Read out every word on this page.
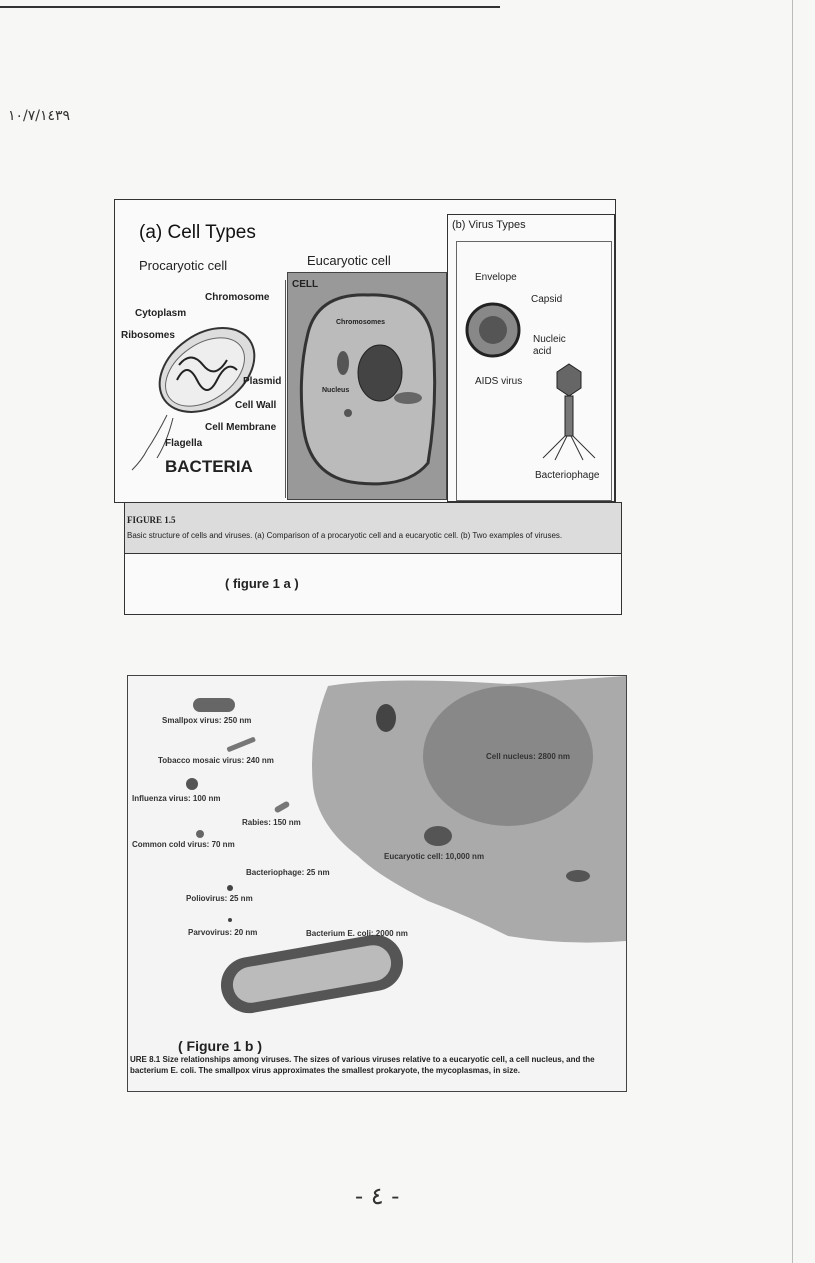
١٠/٧/١٤٣٩
(a) Cell Types
Procaryotic cell	Eucaryotic cell
Chromosome
Cytoplasm
Ribosomes
Plasmid
Cell Wall
Cell Membrane
Flagella
BACTERIA
CELL
Chromosomes
Nucleus
(b) Virus Types
Envelope
Capsid
Nucleic acid
AIDS virus
Bacteriophage
FIGURE 1.5
Basic structure of cells and viruses. (a) Comparison of a procaryotic cell and a eucaryotic cell. (b) Two examples of viruses.
( figure 1 a )
Smallpox virus: 250 nm
Tobacco mosaic virus: 240 nm
Influenza virus: 100 nm
Rabies: 150 nm
Common cold virus: 70 nm
Bacteriophage: 25 nm
Poliovirus: 25 nm
Parvovirus: 20 nm	Bacterium E. coli: 2000 nm
Cell nucleus: 2800 nm
Eucaryotic cell: 10,000 nm
( Figure 1 b )
URE 8.1 Size relationships among viruses. The sizes of various viruses relative to a eucaryotic cell, a cell nucleus, and the bacterium E. coli. The smallpox virus approximates the smallest prokaryote, the mycoplasmas, in size.
- ٤ -
